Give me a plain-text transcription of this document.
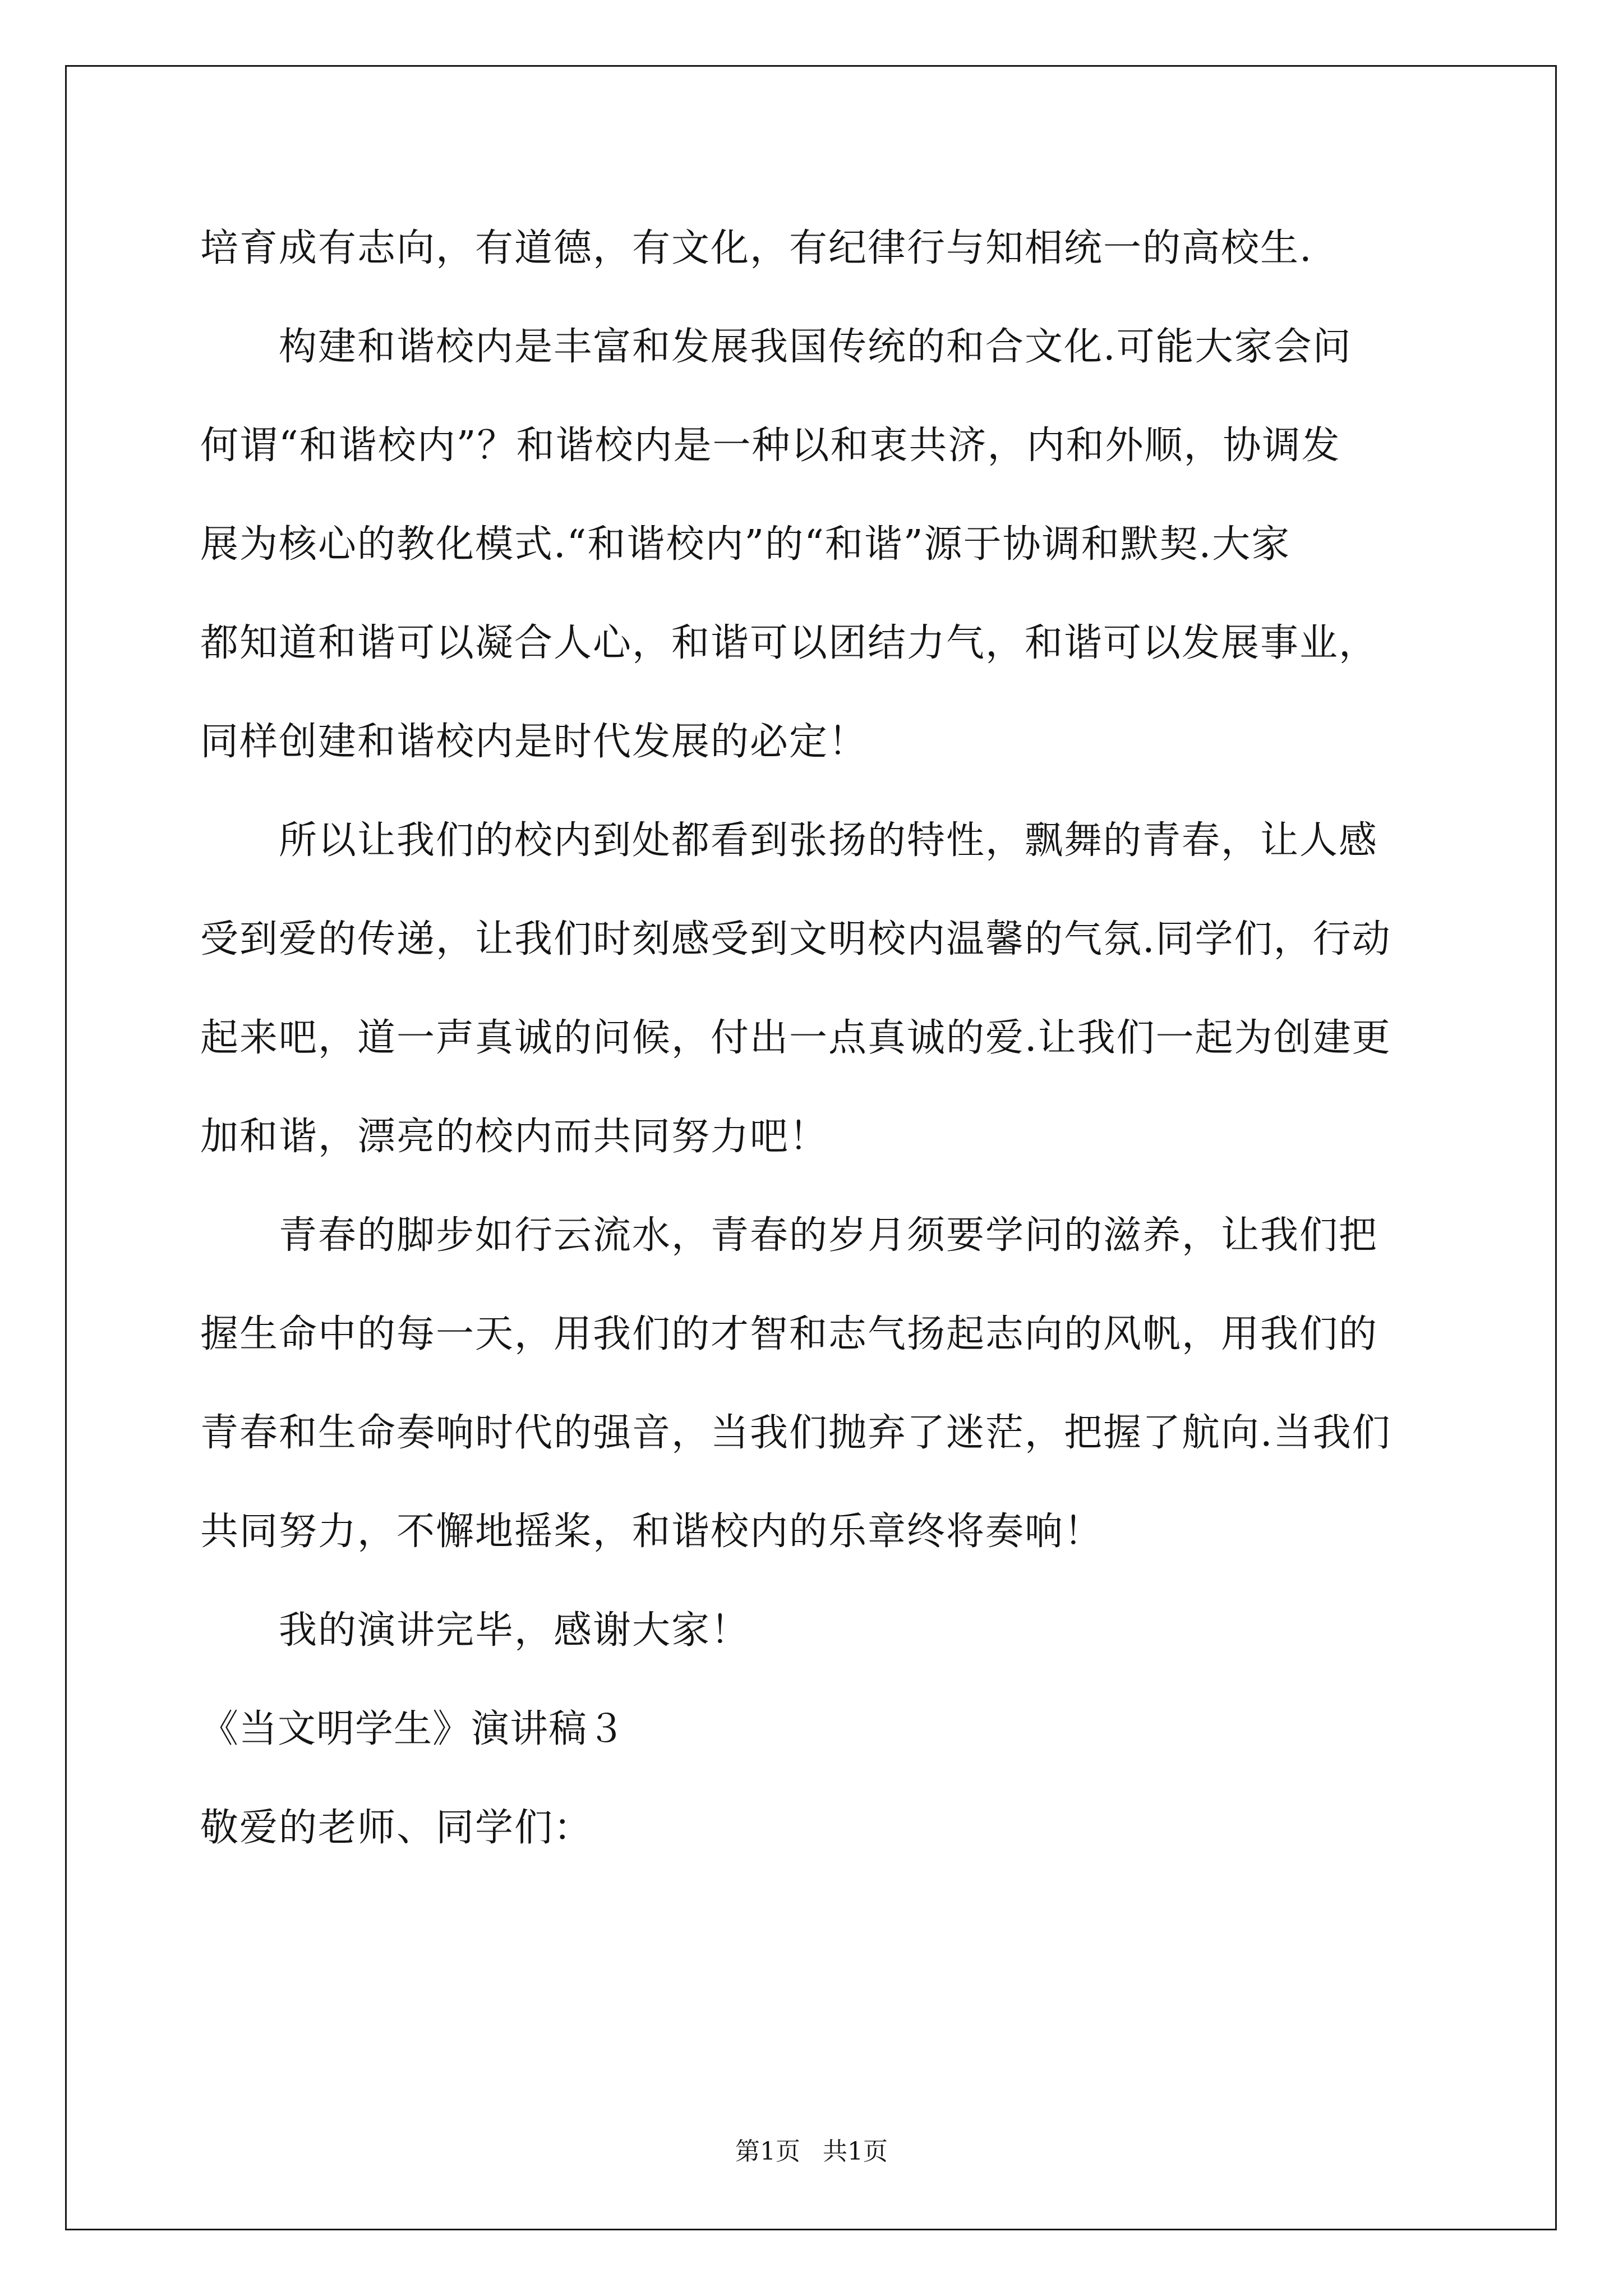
培育成有志向，有道德，有文化，有纪律行与知相统一的高校生.
构建和谐校内是丰富和发展我国传统的和合文化.可能大家会问
何谓“和谐校内”？和谐校内是一种以和衷共济，内和外顺，协调发
展为核心的教化模式.“和谐校内”的“和谐”源于协调和默契.大家
都知道和谐可以凝合人心，和谐可以团结力气，和谐可以发展事业，
同样创建和谐校内是时代发展的必定！
所以让我们的校内到处都看到张扬的特性，飘舞的青春，让人感
受到爱的传递，让我们时刻感受到文明校内温馨的气氛.同学们，行动
起来吧，道一声真诚的问候，付出一点真诚的爱.让我们一起为创建更
加和谐，漂亮的校内而共同努力吧！
青春的脚步如行云流水，青春的岁月须要学问的滋养，让我们把
握生命中的每一天，用我们的才智和志气扬起志向的风帆，用我们的
青春和生命奏响时代的强音，当我们抛弃了迷茫，把握了航向.当我们
共同努力，不懈地摇桨，和谐校内的乐章终将奏响！
我的演讲完毕，感谢大家！
《当文明学生》演讲稿３
敬爱的老师、同学们：
第1页 共1页
